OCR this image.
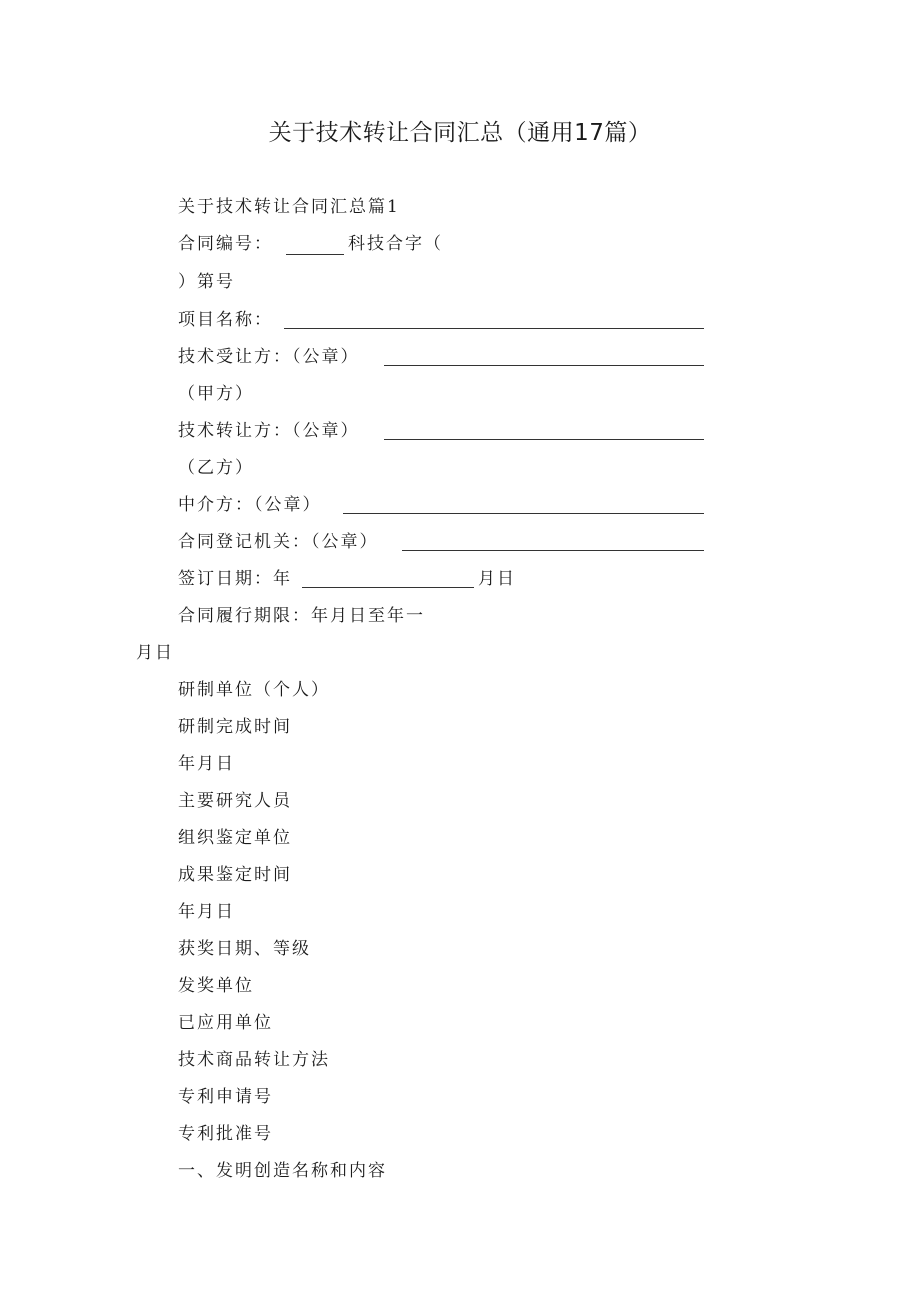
关于技术转让合同汇总（通用17篇）
关于技术转让合同汇总篇1
合同编号：	科技合字（
）第号
项目名称：
技术受让方：（公章）
（甲方）
技术转让方：（公章）
（乙方）
中介方：（公章）
合同登记机关：（公章）
签订日期：年	月日
合同履行期限：年月日至年一
月日
研制单位（个人）
研制完成时间
年月日
主要研究人员
组织鉴定单位
成果鉴定时间
年月日
获奖日期、等级
发奖单位
已应用单位
技术商品转让方法
专利申请号
专利批准号
一、发明创造名称和内容
